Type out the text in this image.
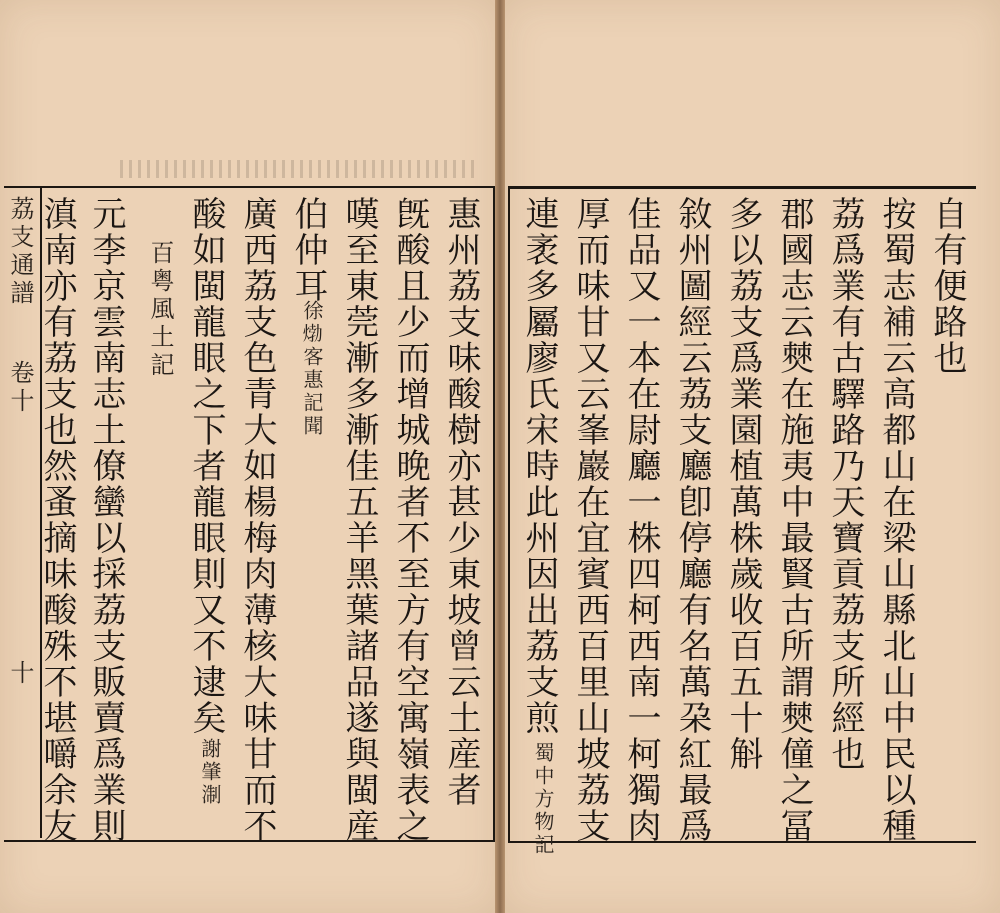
荔支通譜
卷十
十	惠州荔支味酸樹亦甚少東坡曾云土産者
旣酸且少而增城晚者不至方有空寓嶺表之
嘆至東莞漸多漸佳五羊黑葉諸品遂與閩産
伯仲耳
徐𤊹客惠記聞
廣西荔支色青大如楊梅肉薄核大味甘而不
酸如閩龍眼之下者龍眼則又不逮矣
謝肇淛
百粤風土記
元李京雲南志土僚蠻以採荔支販賣爲業則
滇南亦有荔支也然蚤摘味酸殊不堪嚼余友	自有便路也
按蜀志補云高都山在梁山縣北山中民以種
荔爲業有古驛路乃天寶貢荔支所經也
郡國志云僰在施夷中最賢古所謂僰僮之冨
多以荔支爲業園植萬株歲收百五十斛
敘州圖經云荔支廳卽停廳有名萬朶紅最爲
佳品又一本在尉廳一株四柯西南一柯獨肉
厚而味甘又云峯巖在宜賓西百里山坡荔支
連袤多屬廖氏宋時此州因出荔支煎
蜀中方物記
